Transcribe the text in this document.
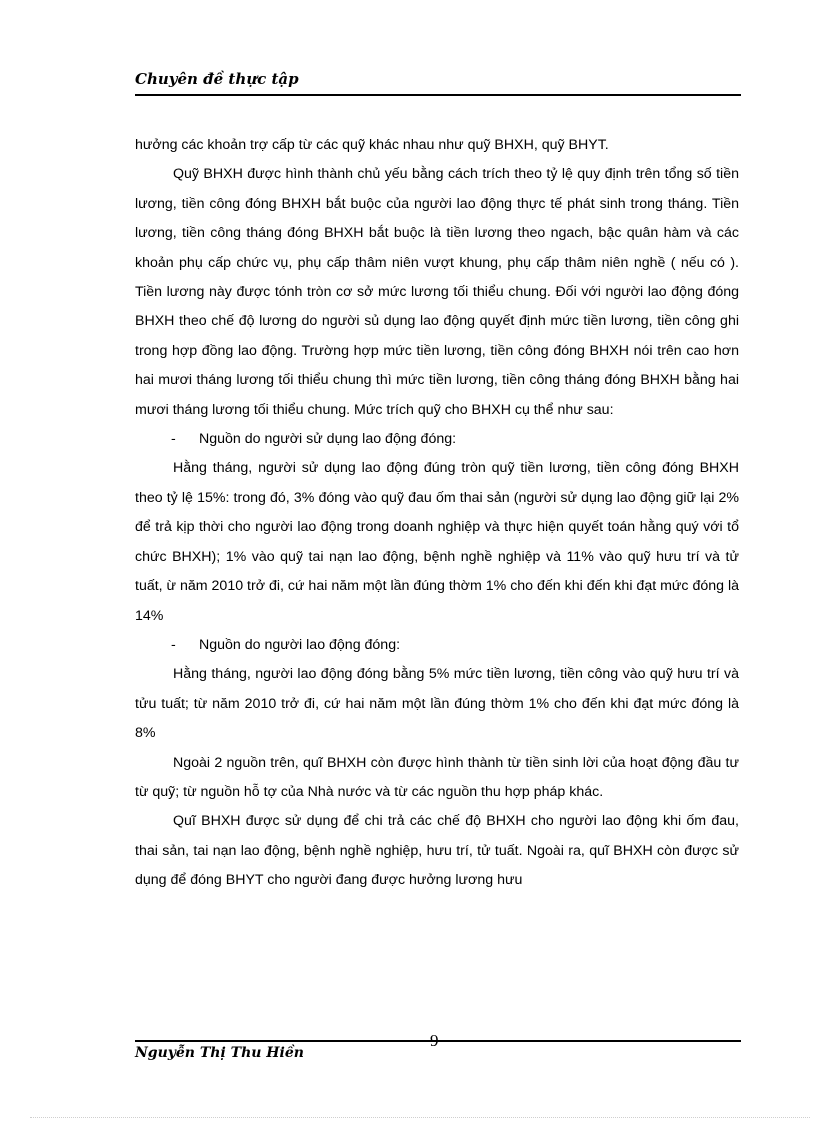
Chuyên đề thực tập

hưởng các khoản trợ cấp từ các quỹ khác nhau như quỹ BHXH, quỹ BHYT.

Quỹ BHXH được hình thành chủ yếu bằng cách trích theo tỷ lệ quy định trên tổng số tiền lương, tiền công đóng BHXH bắt buộc của người lao động thực tế phát sinh trong tháng. Tiền lương, tiền công tháng đóng BHXH bắt buộc là tiền lương theo ngach, bậc quân hàm và các khoản phụ cấp chức vụ, phụ cấp thâm niên vượt khung, phụ cấp thâm niên nghề ( nếu có ). Tiền lương này được tónh tròn cơ sở mức lương tối thiểu chung. Đối với người lao động đóng BHXH theo chế độ lương do người sủ dụng lao động quyết định mức tiền lương, tiền công ghi trong hợp đồng lao động. Trường hợp mức tiền lương, tiền công đóng BHXH nói trên cao hơn hai mươi tháng lương tối thiểu chung thì mức tiền lương, tiền công tháng đóng BHXH bằng hai mươi tháng lương tối thiểu chung. Mức trích quỹ cho BHXH cụ thể như sau:

- Nguồn do người sử dụng lao động đóng:

Hằng tháng, người sử dụng lao động đúng tròn quỹ tiền lương, tiền công đóng BHXH theo tỷ lệ 15%: trong đó, 3% đóng vào quỹ đau ốm thai sản (người sử dụng lao động giữ lại 2% để trả kịp thời cho người lao động trong doanh nghiệp và thực hiện quyết toán hằng quý với tổ chức BHXH); 1% vào quỹ tai nạn lao động, bệnh nghề nghiệp và 11% vào quỹ hưu trí và tử tuất, ừ năm 2010 trở đi, cứ hai năm một lần đúng thờm 1% cho đến khi đến khi đạt mức đóng là 14%

- Nguồn do người lao động đóng:

Hằng tháng, người lao động đóng bằng 5% mức tiền lương, tiền công vào quỹ hưu trí và tửu tuất; từ năm 2010 trở đi, cứ hai năm một lần đúng thờm 1% cho đến khi đạt mức đóng là 8%

Ngoài 2 nguồn trên, quĩ BHXH còn được hình thành từ tiền sinh lời của hoạt động đầu tư từ quỹ; từ nguồn hỗ tợ của Nhà nước và từ các nguồn thu hợp pháp khác.

Quĩ BHXH được sử dụng để chi trả các chế độ BHXH cho người lao động khi ốm đau, thai sản, tai nạn lao động, bệnh nghề nghiệp, hưu trí, tử tuất. Ngoài ra, quĩ BHXH còn được sử dụng để đóng BHYT cho người đang được hưởng lương hưu

Nguyễn Thị Thu Hiền
9
